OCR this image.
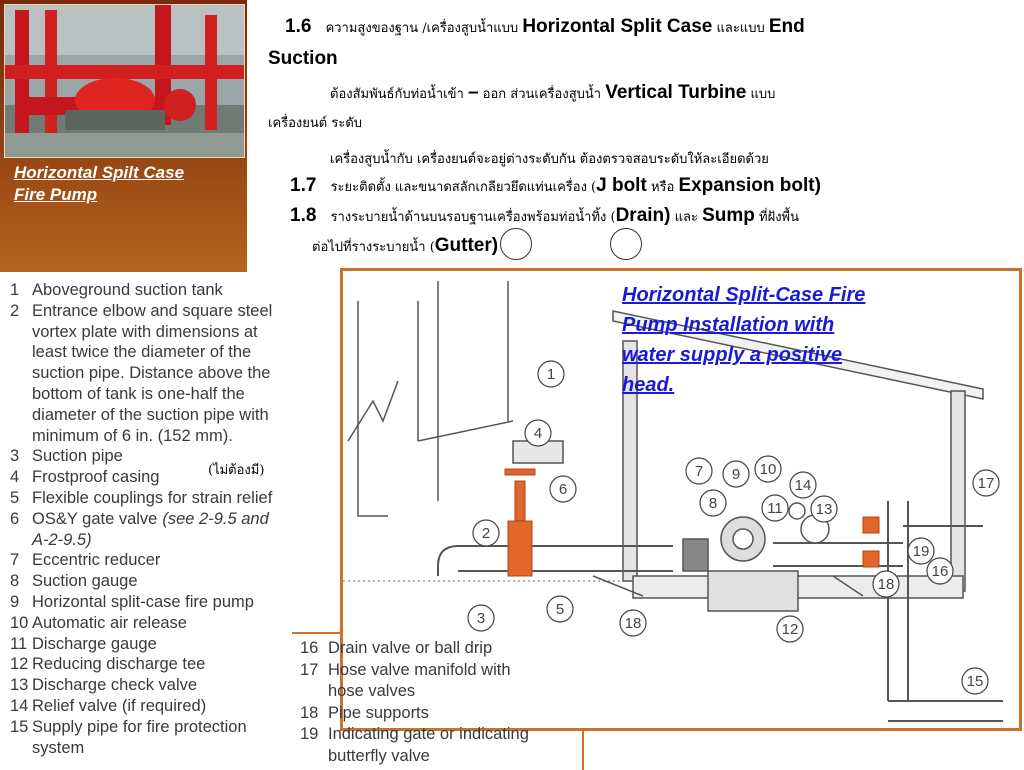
Horizontal Spilt Case
Fire Pump
1.6 ความสูงของฐาน /เครื่องสูบน้ำแบบ Horizontal Split Case และแบบ End
Suction
ต้องสัมพันธ์กับท่อน้ำเข้า – ออก ส่วนเครื่องสูบน้ำ Vertical Turbine แบบ
เครื่องยนต์ ระดับ
เครื่องสูบน้ำกับ เครื่องยนต์จะอยู่ต่างระดับกัน ต้องตรวจสอบระดับให้ละเอียดด้วย
1.7 ระยะติดตั้ง และขนาดสลักเกลียวยึดแท่นเครื่อง (J bolt หรือ Expansion bolt)
1.8 รางระบายน้ำด้านบนรอบฐานเครื่องพร้อมท่อน้ำทิ้ง (Drain) และ Sump ที่ฝังพื้น
ต่อไปที่รางระบายน้ำ (Gutter)
(ไม่ต้องมี)
1
2
3
4
5
6
7
8
9 10
11
12
13
14
15
16
17
18
18
19
Horizontal Split-Case Fire
Pump Installation with
water supply a positive
head.
1 Aboveground suction tank
2 Entrance elbow and square steel
vortex plate with dimensions at
least twice the diameter of the
suction pipe. Distance above the
bottom of tank is one-half the
diameter of the suction pipe with
minimum of 6 in. (152 mm).
3 Suction pipe
4 Frostproof casing
5 Flexible couplings for strain relief
6 OS&Y gate valve (see 2-9.5 and
7 Eccentric reducer
8 Suction gauge
9 Horizontal split-case fire pump
10 Automatic air release
11 Discharge gauge
12 Reducing discharge tee
13 Discharge check valve
14 Relief valve (if required)
15 Supply pipe for fire protection
system
A-2-9.5)
16 Drain valve or ball drip
17 Hose valve manifold with
hose valves
18 Pipe supports
19 Indicating gate or indicating
butterfly valve
